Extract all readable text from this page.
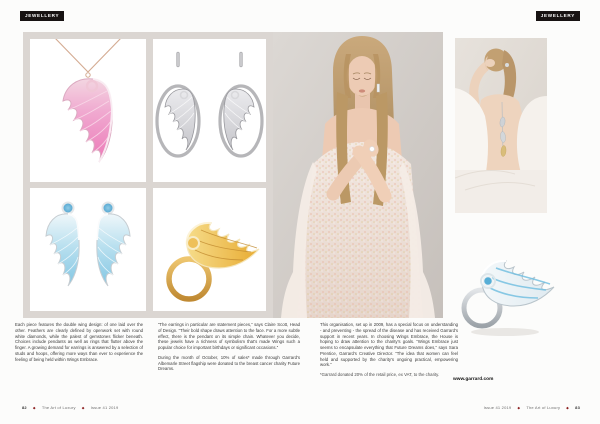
JEWELLERY	JEWELLERY

Each piece features the double wing design: of one laid over the other. Feathers are clearly defined by openwork set with round white diamonds, while the palest of gemstones flicker beneath. Choices include pendants as well as rings that flutter above the finger. A growing demand for earrings is answered by a selection of studs and hoops, offering more ways than ever to experience the feeling of being held within Wings Embrace.

“The earrings in particular are statement pieces,” says Claire Scott, Head of Design. “Their bold shape draws attention to the face. For a more subtle effect, there is the pendant on its simple chain. Whatever you decide, these jewels have a richness of symbolism that's made Wings such a popular choice for important birthdays or significant occasions.”

During the month of October, 10% of sales* made through Garrard's Albemarle Street flagship were donated to the breast cancer charity Future Dreams.

This organisation, set up in 2009, has a special focus on understanding - and preventing - the spread of the disease and has received Garrard's support in recent years. In choosing Wings Embrace, the House is hoping to draw attention to the charity's goals. “Wings Embrace just seems to encapsulate everything that Future Dreams does,” says Sara Prentice, Garrard's Creative Director. “The idea that women can feel held and supported by the charity's ongoing practical, empowering work.”

*Garrard donated 20% of the retail price, ex VAT, to the charity.

www.garrard.com
82 ◆ The Art of Luxury ◆ Issue 41 2019	Issue 41 2019 ◆ The Art of Luxury ◆ 83
